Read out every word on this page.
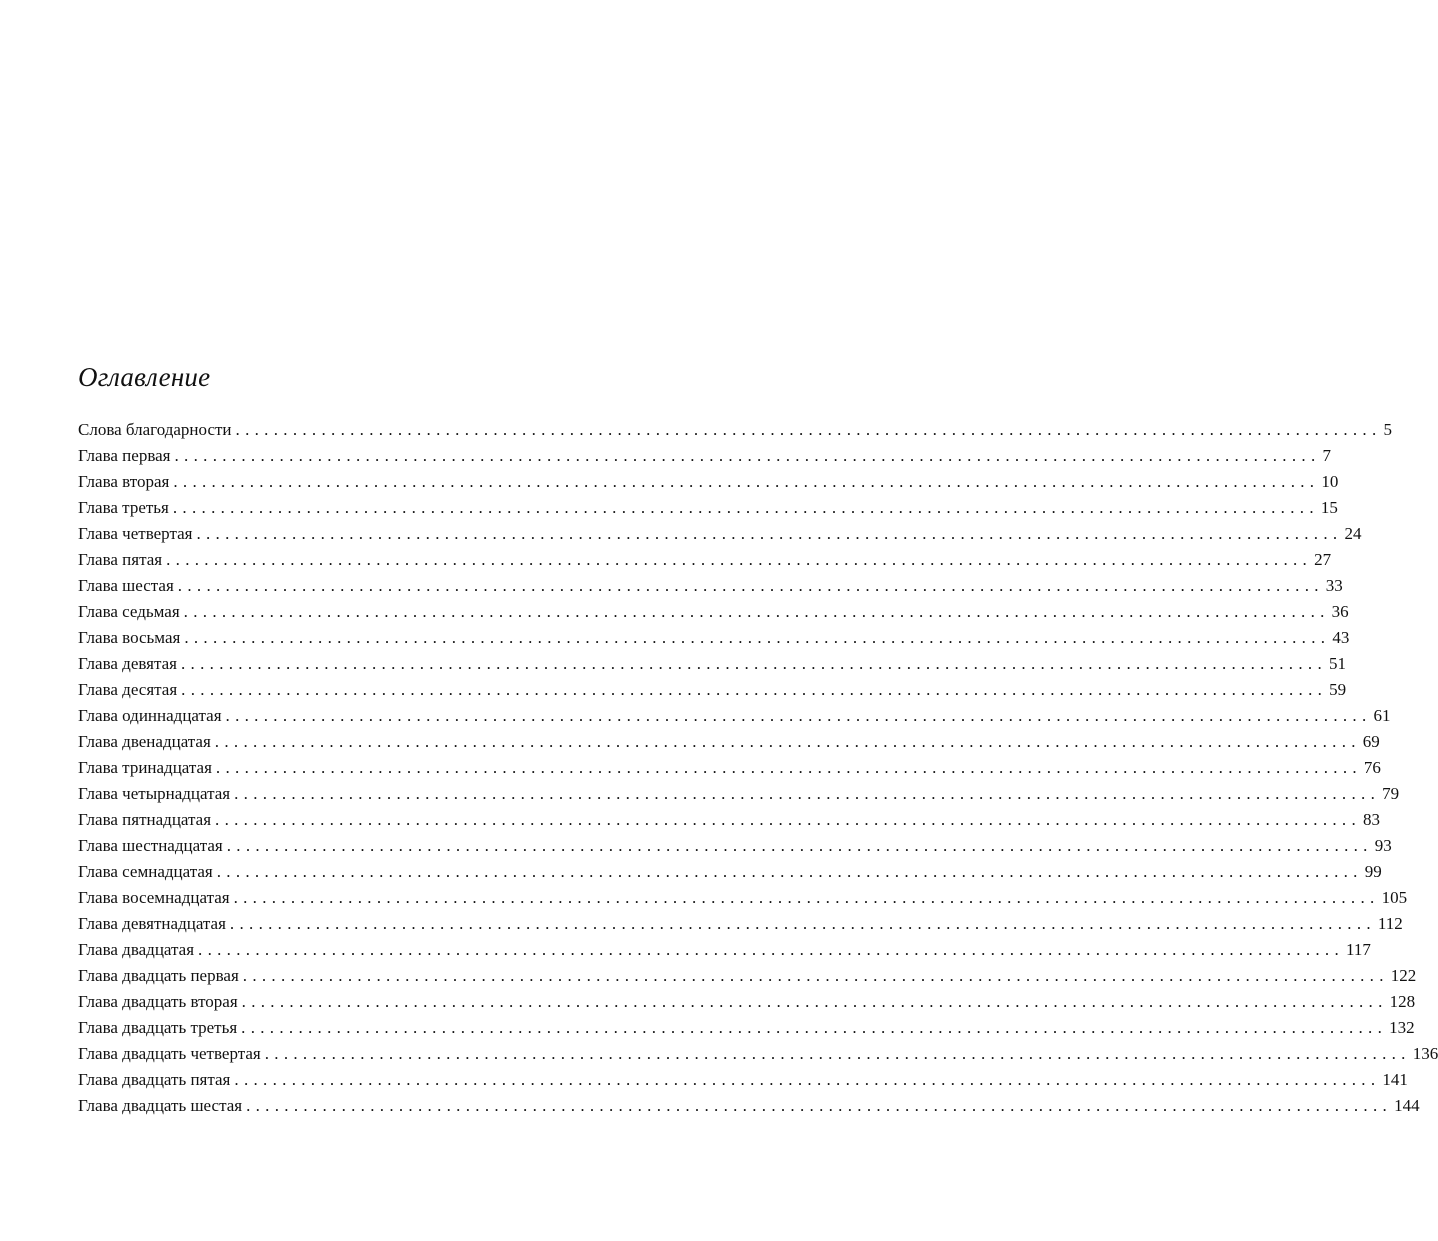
Оглавление
Слова благодарности ........................................................................................................................ 5
Глава первая ........................................................................................................................ 7
Глава вторая ........................................................................................................................ 10
Глава третья ........................................................................................................................ 15
Глава четвертая ........................................................................................................................ 24
Глава пятая ........................................................................................................................ 27
Глава шестая ........................................................................................................................ 33
Глава седьмая ........................................................................................................................ 36
Глава восьмая ........................................................................................................................ 43
Глава девятая ........................................................................................................................ 51
Глава десятая ........................................................................................................................ 59
Глава одиннадцатая ........................................................................................................................ 61
Глава двенадцатая ........................................................................................................................ 69
Глава тринадцатая ........................................................................................................................ 76
Глава четырнадцатая ........................................................................................................................ 79
Глава пятнадцатая ........................................................................................................................ 83
Глава шестнадцатая ........................................................................................................................ 93
Глава семнадцатая ........................................................................................................................ 99
Глава восемнадцатая ........................................................................................................................ 105
Глава девятнадцатая ........................................................................................................................ 112
Глава двадцатая ........................................................................................................................ 117
Глава двадцать первая ........................................................................................................................ 122
Глава двадцать вторая ........................................................................................................................ 128
Глава двадцать третья ........................................................................................................................ 132
Глава двадцать четвертая ........................................................................................................................ 136
Глава двадцать пятая ........................................................................................................................ 141
Глава двадцать шестая ........................................................................................................................ 144
